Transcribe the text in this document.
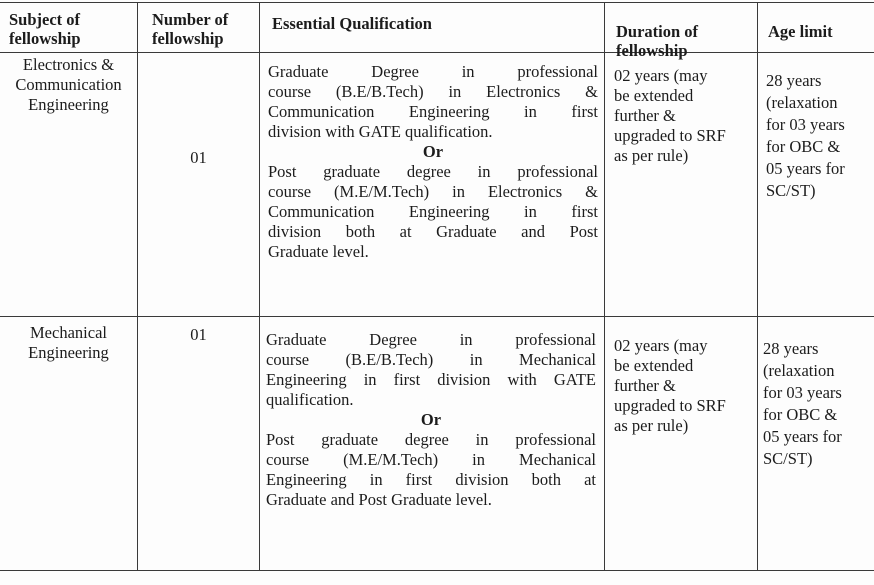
Subject of
fellowship
Number of
fellowship
Essential Qualification	Duration of
fellowship
Age limit
Electronics &
Communication
Engineering
01
Graduate Degree in professional
course (B.E/B.Tech) in Electronics &
Communication Engineering in first
division with GATE qualification.
Or
Post graduate degree in professional
course (M.E/M.Tech) in Electronics &
Communication Engineering in first
division both at Graduate and Post
Graduate level.
02 years (may
be extended
further &
upgraded to SRF
as per rule)
28 years
(relaxation
for 03 years
for OBC &
05 years for
SC/ST)
Mechanical
Engineering
01	Graduate Degree in professional
course (B.E/B.Tech) in Mechanical
Engineering in first division with GATE
qualification.
Or
Post graduate degree in professional
course (M.E/M.Tech) in Mechanical
Engineering in first division both at
Graduate and Post Graduate level.
02 years (may
be extended
further &
upgraded to SRF
as per rule)
28 years
(relaxation
for 03 years
for OBC &
05 years for
SC/ST)
